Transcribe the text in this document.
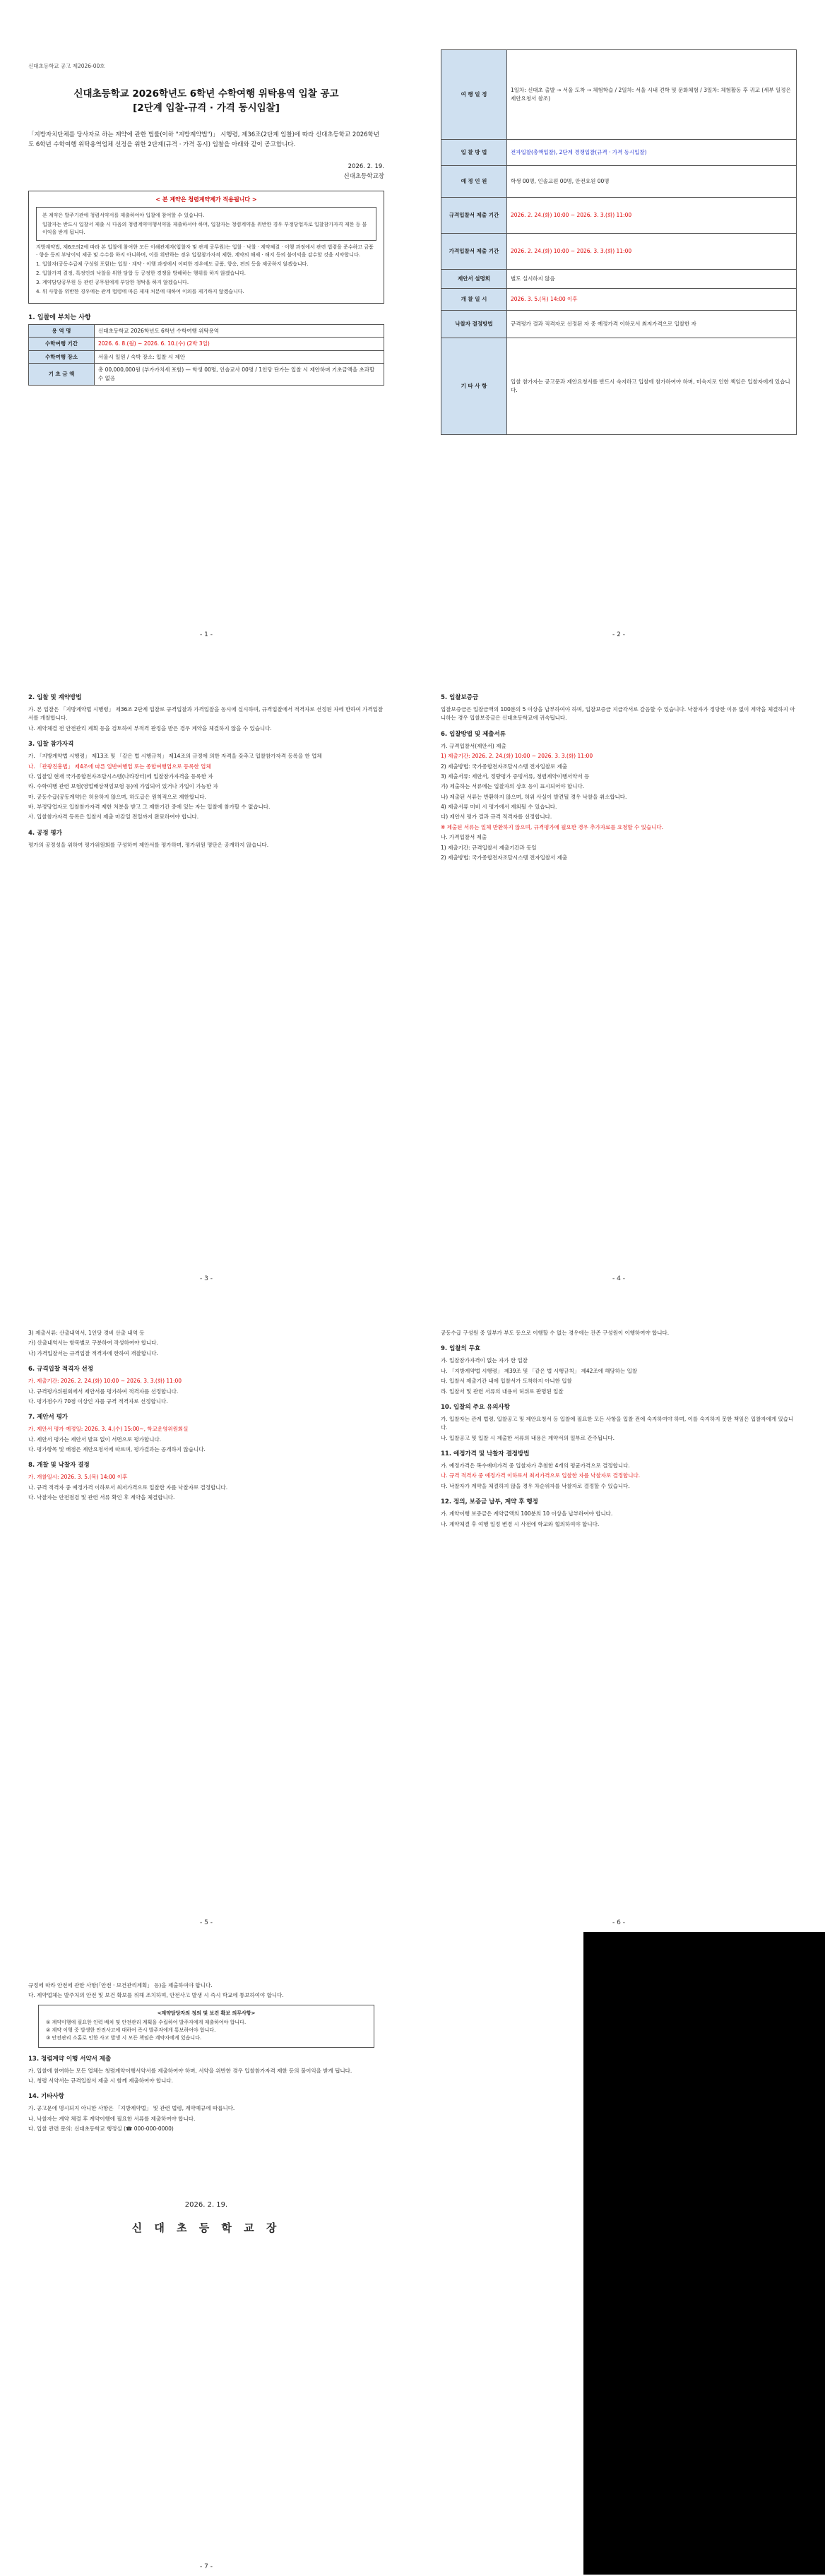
신대초등학교 공고 제2026-00호
신대초등학교 2026학년도 6학년 수학여행 위탁용역 입찰 공고
[2단계 입찰-규격 · 가격 동시입찰]
「지방자치단체를 당사자로 하는 계약에 관한 법률(이하 "지방계약법")」 시행령, 제36조(2단계 입찰)에 따라 신대초등학교 2026학년도 6학년 수학여행 위탁용역업체 선정을 위한 2단계(규격 · 가격 동시) 입찰을 아래와 같이 공고합니다.
2026. 2. 19.
신대초등학교장
< 본 계약은 청렴계약제가 적용됩니다 >

본 계약은 발주기관에 청렴서약서를 제출하여야 입찰에 참여할 수 있습니다.

입찰자는 반드시 입찰서 제출 시 다음의 청렴계약이행서약을 제출하셔야 하며, 입찰자는 청렴계약을 위반한 경우 부정당업자로 입찰참가자격 제한 등 불이익을 받게 됩니다.

지방계약법, 제6조의2에 따라 본 입찰에 참여한 모든 이해관계자(입찰자 및 관계 공무원)는 입찰 · 낙찰 · 계약체결 · 이행 과정에서 관련 법령을 준수하고 금품 · 향응 등의 부당이익 제공 및 수수를 하지 아니하며, 이를 위반하는 경우 입찰참가자격 제한, 계약의 해제 · 해지 등의 불이익을 감수할 것을 서약합니다.

1. 입찰자(공동수급체 구성원 포함)는 입찰 · 계약 · 이행 과정에서 어떠한 경우에도 금품, 향응, 편의 등을 제공하지 않겠습니다.

2. 입찰가격 결정, 특정인의 낙찰을 위한 담합 등 공정한 경쟁을 방해하는 행위를 하지 않겠습니다.

3. 계약담당공무원 등 관련 공무원에게 부당한 청탁을 하지 않겠습니다.

4. 위 사항을 위반한 경우에는 관계 법령에 따른 제재 처분에 대하여 이의를 제기하지 않겠습니다.

1. 입찰에 부치는 사항
용 역 명	신대초등학교 2026학년도 6학년 수학여행 위탁용역
수학여행 기간	2026. 6. 8.(월) ~ 2026. 6. 10.(수) (2박 3일)
수학여행 장소	서울시 일원 / 숙박 장소: 입찰 시 제안
기 초 금 액	총 00,000,000원 (부가가치세 포함) — 학생 00명, 인솔교사 00명 / 1인당 단가는 입찰 시 제안하며 기초금액을 초과할 수 없음
- 1 -
여 행 일 정	1일차: 신대초 출발 → 서울 도착 → 체험학습 / 2일차: 서울 시내 견학 및 문화체험 / 3일차: 체험활동 후 귀교 (세부 일정은 제안요청서 참조)
입 찰 방 법	전자입찰(총액입찰), 2단계 경쟁입찰(규격 · 가격 동시입찰)
예 정 인 원	학생 00명, 인솔교원 00명, 안전요원 00명
규격입찰서 제출 기간	2026. 2. 24.(화) 10:00 ~ 2026. 3. 3.(화) 11:00
가격입찰서 제출 기간	2026. 2. 24.(화) 10:00 ~ 2026. 3. 3.(화) 11:00
제안서 설명회	별도 실시하지 않음
개 찰 일 시	2026. 3. 5.(목) 14:00 이후
낙찰자 결정방법	규격평가 결과 적격자로 선정된 자 중 예정가격 이하로서 최저가격으로 입찰한 자
기 타 사 항	입찰 참가자는 공고문과 제안요청서를 반드시 숙지하고 입찰에 참가하여야 하며, 미숙지로 인한 책임은 입찰자에게 있습니다.
- 2 -
2. 입찰 및 계약방법

가. 본 입찰은 「지방계약법 시행령」 제36조 2단계 입찰로 규격입찰과 가격입찰을 동시에 실시하며, 규격입찰에서 적격자로 선정된 자에 한하여 가격입찰서를 개찰합니다.

나. 계약체결 전 안전관리 계획 등을 검토하여 부적격 판정을 받은 경우 계약을 체결하지 않을 수 있습니다.

3. 입찰 참가자격

가. 「지방계약법 시행령」 제13조 및 「같은 법 시행규칙」 제14조의 규정에 의한 자격을 갖추고 입찰참가자격 등록을 한 업체

나. 「관광진흥법」 제4조에 따른 일반여행업 또는 종합여행업으로 등록한 업체

다. 입찰일 현재 국가종합전자조달시스템(나라장터)에 입찰참가자격을 등록한 자

라. 수학여행 관련 보험(영업배상책임보험 등)에 가입되어 있거나 가입이 가능한 자

마. 공동수급(공동계약)은 허용하지 않으며, 하도급은 원칙적으로 제한합니다.

바. 부정당업자로 입찰참가자격 제한 처분을 받고 그 제한기간 중에 있는 자는 입찰에 참가할 수 없습니다.

사. 입찰참가자격 등록은 입찰서 제출 마감일 전일까지 완료하여야 합니다.

4. 공정 평가

평가의 공정성을 위하여 평가위원회를 구성하여 제안서를 평가하며, 평가위원 명단은 공개하지 않습니다.

- 3 -
5. 입찰보증금

입찰보증금은 입찰금액의 100분의 5 이상을 납부하여야 하며, 입찰보증금 지급각서로 갈음할 수 있습니다. 낙찰자가 정당한 이유 없이 계약을 체결하지 아니하는 경우 입찰보증금은 신대초등학교에 귀속됩니다.

6. 입찰방법 및 제출서류

가. 규격입찰서(제안서) 제출

1) 제출기간: 2026. 2. 24.(화) 10:00 ~ 2026. 3. 3.(화) 11:00

2) 제출방법: 국가종합전자조달시스템 전자입찰로 제출

3) 제출서류: 제안서, 정량평가 증빙서류, 청렴계약이행서약서 등

가) 제출하는 서류에는 입찰자의 상호 등이 표시되어야 합니다.

나) 제출된 서류는 반환하지 않으며, 허위 사실이 발견될 경우 낙찰을 취소합니다.

4) 제출서류 미비 시 평가에서 제외될 수 있습니다.

다) 제안서 평가 결과 규격 적격자를 선정합니다.

※ 제출된 서류는 일체 반환하지 않으며, 규격평가에 필요한 경우 추가자료를 요청할 수 있습니다.

나. 가격입찰서 제출

1) 제출기간: 규격입찰서 제출기간과 동일

2) 제출방법: 국가종합전자조달시스템 전자입찰서 제출

- 4 -

3) 제출서류: 산출내역서, 1인당 경비 산출 내역 등

가) 산출내역서는 항목별로 구분하여 작성하여야 합니다.

나) 가격입찰서는 규격입찰 적격자에 한하여 개찰합니다.

6. 규격입찰 적격자 선정

가. 제출기간: 2026. 2. 24.(화) 10:00 ~ 2026. 3. 3.(화) 11:00

나. 규격평가위원회에서 제안서를 평가하여 적격자를 선정합니다.

다. 평가점수가 70점 이상인 자를 규격 적격자로 선정합니다.

7. 제안서 평가

가. 제안서 평가 예정일: 2026. 3. 4.(수) 15:00~, 학교운영위원회실

나. 제안서 평가는 제안서 발표 없이 서면으로 평가합니다.

다. 평가항목 및 배점은 제안요청서에 따르며, 평가결과는 공개하지 않습니다.

8. 개찰 및 낙찰자 결정

가. 개찰일시: 2026. 3. 5.(목) 14:00 이후

나. 규격 적격자 중 예정가격 이하로서 최저가격으로 입찰한 자를 낙찰자로 결정합니다.

다. 낙찰자는 안전점검 및 관련 서류 확인 후 계약을 체결합니다.

- 5 -

공동수급 구성원 중 일부가 부도 등으로 이행할 수 없는 경우에는 잔존 구성원이 이행하여야 합니다.

9. 입찰의 무효

가. 입찰참가자격이 없는 자가 한 입찰

나. 「지방계약법 시행령」 제39조 및 「같은 법 시행규칙」 제42조에 해당하는 입찰

다. 입찰서 제출기간 내에 입찰서가 도착하지 아니한 입찰

라. 입찰서 및 관련 서류의 내용이 허위로 판명된 입찰

10. 입찰의 주요 유의사항

가. 입찰자는 관계 법령, 입찰공고 및 제안요청서 등 입찰에 필요한 모든 사항을 입찰 전에 숙지하여야 하며, 이를 숙지하지 못한 책임은 입찰자에게 있습니다.

나. 입찰공고 및 입찰 시 제출한 서류의 내용은 계약서의 일부로 간주됩니다.

11. 예정가격 및 낙찰자 결정방법

가. 예정가격은 복수예비가격 중 입찰자가 추첨한 4개의 평균가격으로 결정합니다.

나. 규격 적격자 중 예정가격 이하로서 최저가격으로 입찰한 자를 낙찰자로 결정합니다.

다. 낙찰자가 계약을 체결하지 않을 경우 차순위자를 낙찰자로 결정할 수 있습니다.

12. 정의, 보증금 납부, 계약 후 행정

가. 계약이행 보증금은 계약금액의 100분의 10 이상을 납부하여야 합니다.

나. 계약체결 후 여행 일정 변경 시 사전에 학교와 협의하여야 합니다.

- 6 -

규정에 따라 안전에 관한 사항(「안전 · 보건관리계획」 등)을 제출하여야 합니다.

다. 계약업체는 발주처의 안전 및 보건 확보를 위해 조치하며, 안전사고 발생 시 즉시 학교에 통보하여야 합니다.

<계약담당자의 정의 및 보건 확보 의무사항>
① 계약이행에 필요한 인력 배치 및 안전관리 계획을 수립하여 발주자에게 제출하여야 합니다.
② 계약 이행 중 발생한 안전사고에 대하여 즉시 발주자에게 통보하여야 합니다.
③ 안전관리 소홀로 인한 사고 발생 시 모든 책임은 계약자에게 있습니다.
13. 청렴계약 이행 서약서 제출

가. 입찰에 참여하는 모든 업체는 청렴계약이행서약서를 제출하여야 하며, 서약을 위반한 경우 입찰참가자격 제한 등의 불이익을 받게 됩니다.

나. 청렴 서약서는 규격입찰서 제출 시 함께 제출하여야 합니다.

14. 기타사항

가. 공고문에 명시되지 아니한 사항은 「지방계약법」 및 관련 법령, 계약예규에 따릅니다.

나. 낙찰자는 계약 체결 후 계약이행에 필요한 서류를 제출하여야 합니다.

다. 입찰 관련 문의: 신대초등학교 행정실 (☎ 000-000-0000)

2026. 2. 19.
신 대 초 등 학 교 장
- 7 -
